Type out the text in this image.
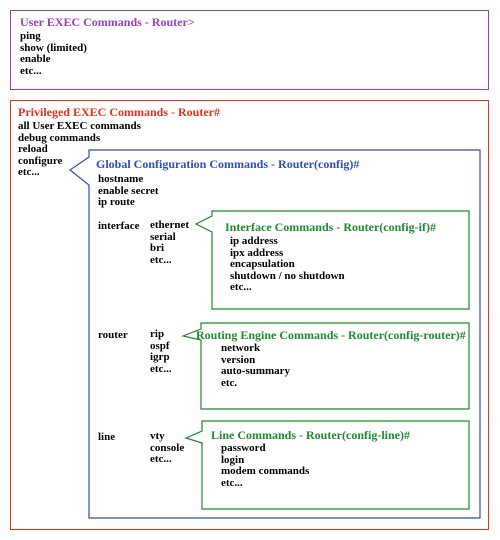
User EXEC Commands - Router>
ping
show (limited)
enable
etc...
Privileged EXEC Commands - Router#
all User EXEC commands
debug commands
reload
configure
etc...
Global Configuration Commands - Router(config)#
hostname
enable secret
ip route
interface ethernet
serial
bri
etc...
router rip
ospf
igrp
etc...
line	vty
console
etc...
Interface Commands - Router(config-if)#
ip address
ipx address
encapsulation
shutdown / no shutdown
etc...
Routing Engine Commands - Router(config-router)#
network
version
auto-summary
etc.
Line Commands - Router(config-line)#
password
login
modem commands
etc...
